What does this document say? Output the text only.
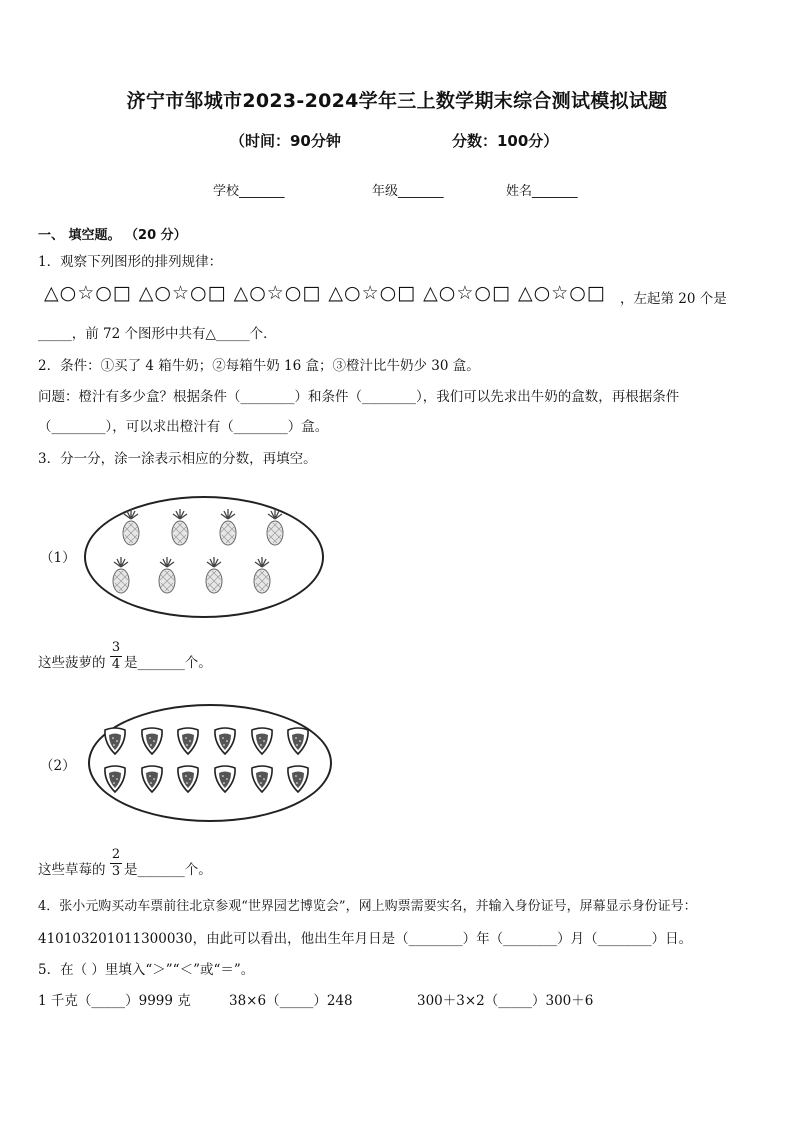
济宁市邹城市2023-2024学年三上数学期末综合测试模拟试题
（时间：90分钟	分数：100分）
学校_______	年级_______	姓名_______
一、 填空题。 （20 分）
1．观察下列图形的排列规律：
△○☆○□ △○☆○□ △○☆○□ △○☆○□ △○☆○□ △○☆○□ ，左起第 20 个是
_____，前 72 个图形中共有△_____个．
2．条件：①买了 4 箱牛奶；②每箱牛奶 16 盒；③橙汁比牛奶少 30 盒。
问题：橙汁有多少盒？根据条件（________）和条件（________），我们可以先求出牛奶的盒数，再根据条件
（________），可以求出橙汁有（________）盒。
3．分一分，涂一涂表示相应的分数，再填空。
（1）
这些菠萝的
3
4 是_______个。
（2）
这些草莓的
2
3 是_______个。
4．张小元购买动车票前往北京参观“世界园艺博览会”，网上购票需要实名，并输入身份证号，屏幕显示身份证号：
410103201011300030，由此可以看出，他出生年月日是（________）年（________）月（________）日。
5．在（ ）里填入“＞”“＜”或“＝”。
1 千克（_____）9999 克	38×6（_____）248	300＋3×2（_____）300＋6
